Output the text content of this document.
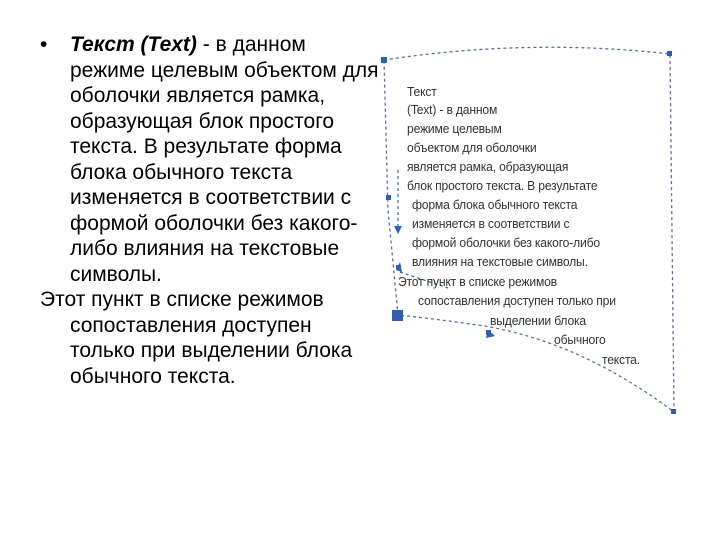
• Текст (Text) - в данном режиме целевым объектом для оболочки является рамка, образующая блок простого текста. В результате форма блока обычного текста изменяется в соответствии с формой оболочки без какого-либо влияния на текстовые символы.
Этот пункт в списке режимов сопоставления доступен только при выделении блока обычного текста.
Текст
(Text) - в данном
режиме целевым
объектом для оболочки
является рамка, образующая
блок простого текста. В результате
форма блока обычного текста
изменяется в соответствии с
формой оболочки без какого-либо
влияния на текстовые символы.
Этот пункт в списке режимов
сопоставления доступен только при
выделении блока
обычного
текста.
